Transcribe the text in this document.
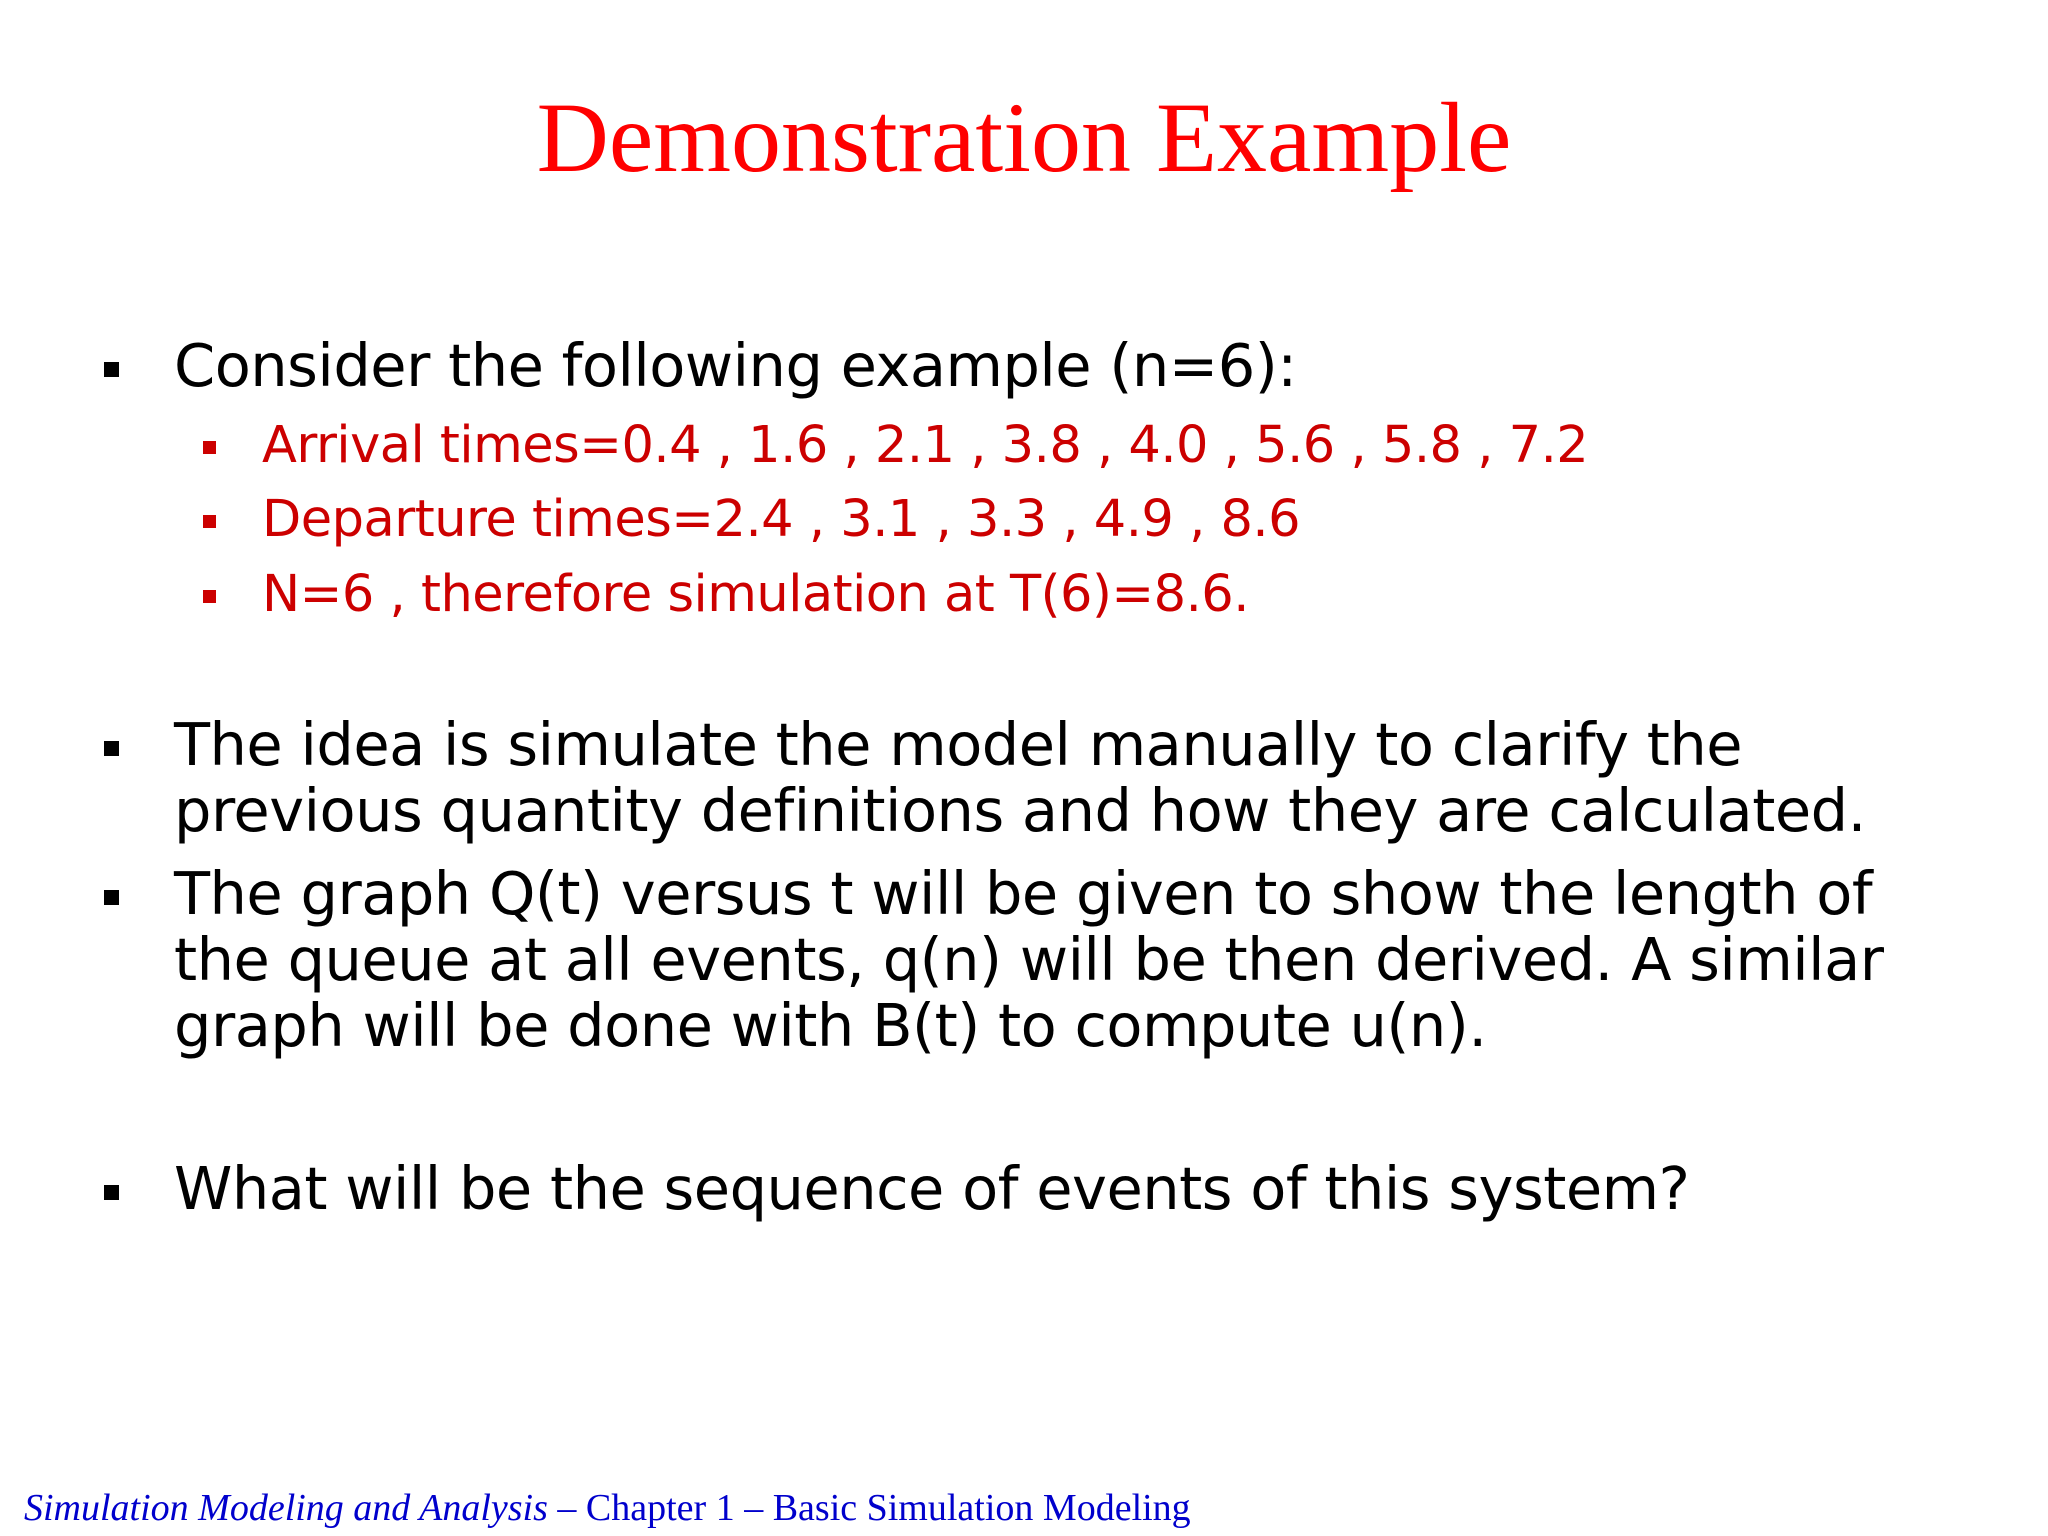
Demonstration Example
Consider the following example (n=6):
Arrival times=0.4 , 1.6 , 2.1 , 3.8 , 4.0 , 5.6 , 5.8 , 7.2
Departure times=2.4 , 3.1 , 3.3 , 4.9 , 8.6
N=6 , therefore simulation at T(6)=8.6.
The idea is simulate the model manually to clarify the previous quantity definitions and how they are calculated.
The graph Q(t) versus t will be given to show the length of the queue at all events, q(n) will be then derived. A similar graph will be done with B(t) to compute u(n).
What will be the sequence of events of this system?
Simulation Modeling and Analysis – Chapter 1 – Basic Simulation Modeling
